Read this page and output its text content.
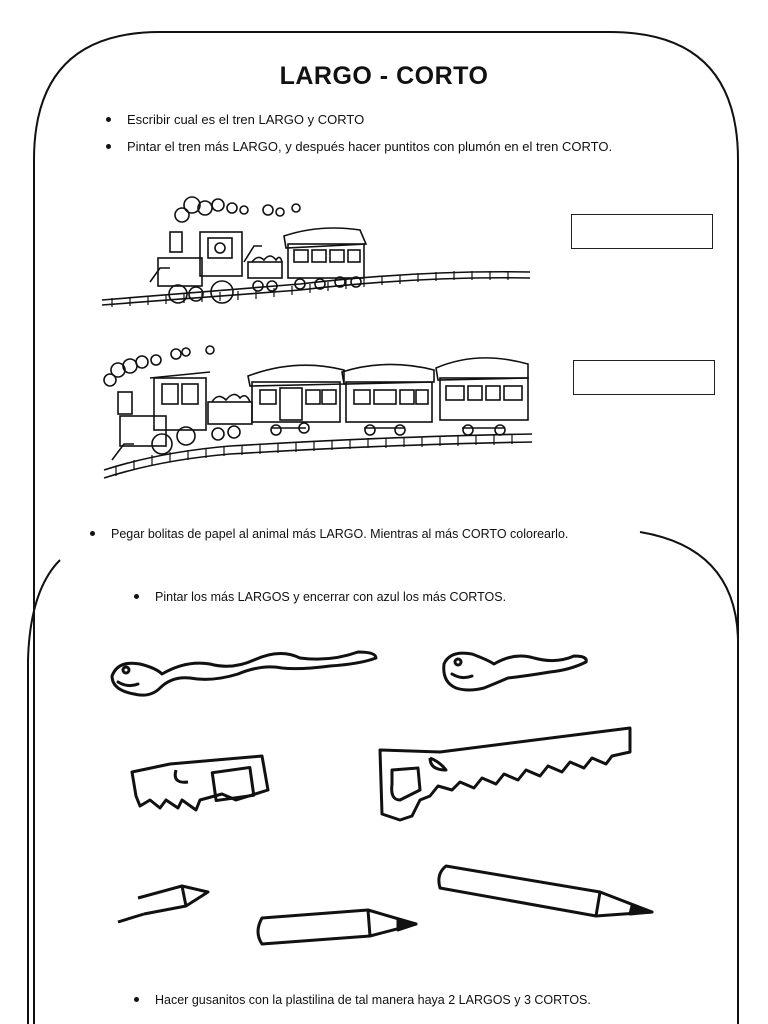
LARGO - CORTO
Escribir cual es el tren LARGO y CORTO
Pintar el tren más LARGO, y después hacer puntitos con plumón en el tren CORTO.
Pegar bolitas de papel al animal más LARGO. Mientras al más CORTO colorearlo.
Pintar los más LARGOS y encerrar con azul los más CORTOS.
Hacer gusanitos con la plastilina de tal manera haya 2 LARGOS y 3 CORTOS.
